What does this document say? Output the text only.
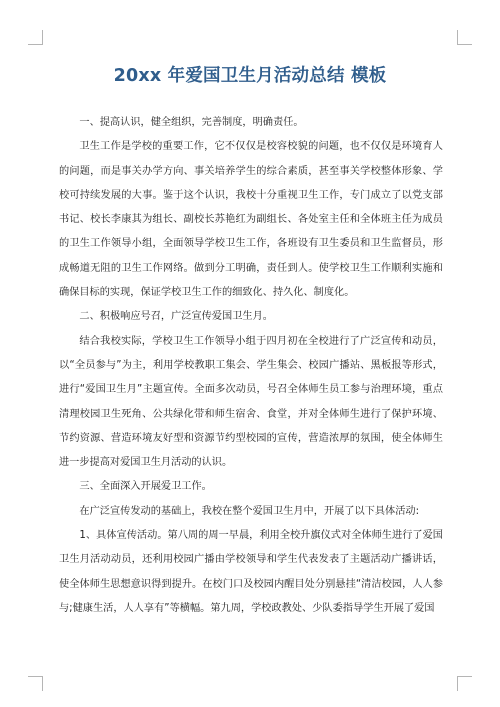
20xx 年爱国卫生月活动总结 模板

一、提高认识，健全组织，完善制度，明确责任。

卫生工作是学校的重要工作，它不仅仅是校容校貌的问题，也不仅仅是环境育人的问题，而是事关办学方向、事关培养学生的综合素质，甚至事关学校整体形象、学校可持续发展的大事。鉴于这个认识，我校十分重视卫生工作，专门成立了以党支部书记、校长李康其为组长、副校长苏艳红为副组长、各处室主任和全体班主任为成员的卫生工作领导小组，全面领导学校卫生工作，各班设有卫生委员和卫生监督员，形成畅道无阻的卫生工作网络。做到分工明确，责任到人。使学校卫生工作顺利实施和确保目标的实现，保证学校卫生工作的细致化、持久化、制度化。

二、积极响应号召，广泛宣传爱国卫生月。

结合我校实际，学校卫生工作领导小组于四月初在全校进行了广泛宣传和动员，以“全员参与”为主，利用学校教职工集会、学生集会、校园广播站、黑板报等形式，进行“爱国卫生月”主题宣传。全面多次动员，号召全体师生员工参与治理环境，重点清理校园卫生死角、公共绿化带和师生宿舍、食堂，并对全体师生进行了保护环境、节约资源、营造环境友好型和资源节约型校园的宣传，营造浓厚的氛围，使全体师生进一步提高对爱国卫生月活动的认识。

三、全面深入开展爱卫工作。

在广泛宣传发动的基础上，我校在整个爱国卫生月中，开展了以下具体活动:

1、具体宣传活动。第八周的周一早晨，利用全校升旗仪式对全体师生进行了爱国卫生月活动动员，还利用校园广播由学校领导和学生代表发表了主题活动广播讲话，使全体师生思想意识得到提升。在校门口及校园内醒目处分别悬挂“清洁校园，人人参与;健康生活，人人享有”等横幅。第九周，学校政教处、少队委指导学生开展了爱国
